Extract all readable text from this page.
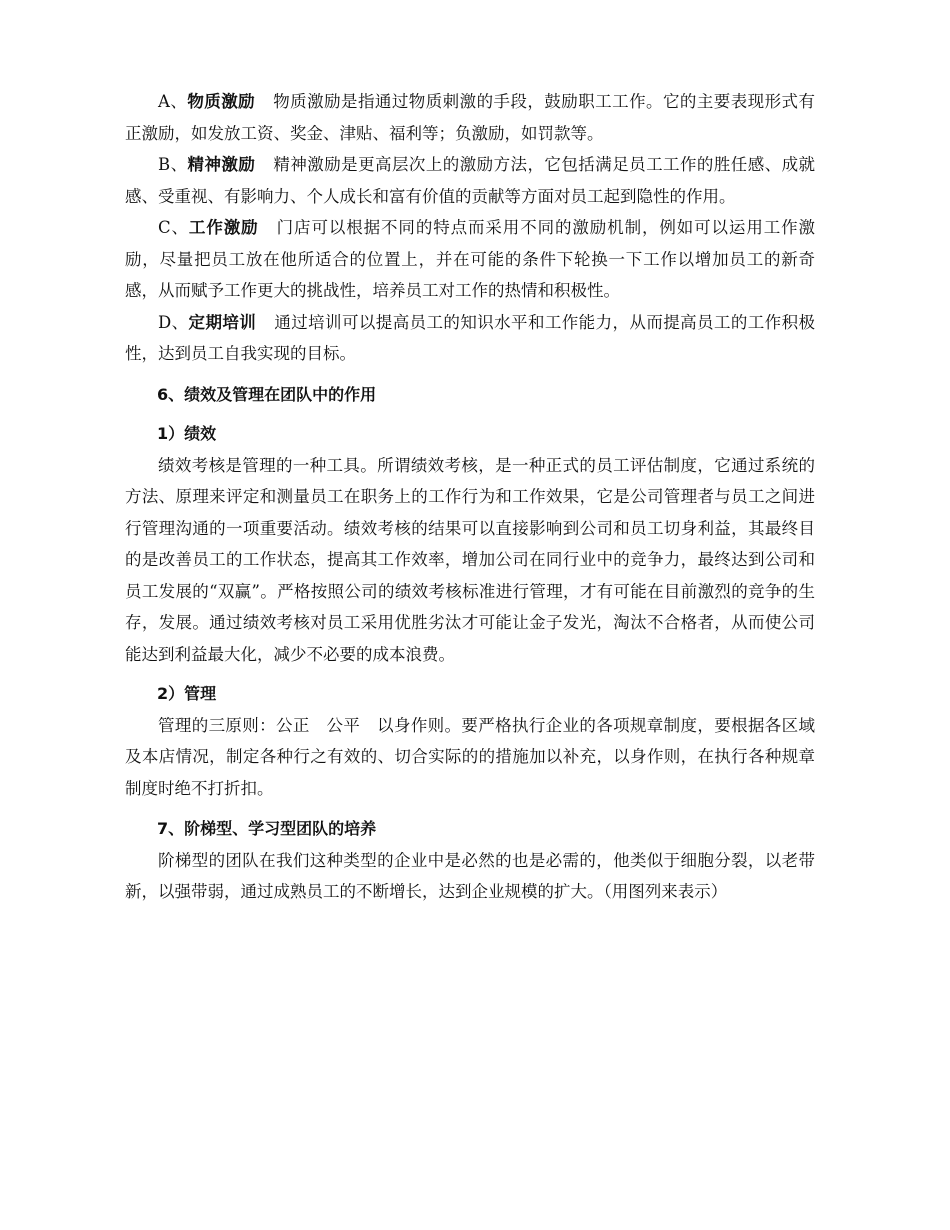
A、物质激励 物质激励是指通过物质刺激的手段，鼓励职工工作。它的主要表现形式有正激励，如发放工资、奖金、津贴、福利等；负激励，如罚款等。

B、精神激励 精神激励是更高层次上的激励方法，它包括满足员工工作的胜任感、成就感、受重视、有影响力、个人成长和富有价值的贡献等方面对员工起到隐性的作用。

C、工作激励 门店可以根据不同的特点而采用不同的激励机制，例如可以运用工作激励，尽量把员工放在他所适合的位置上，并在可能的条件下轮换一下工作以增加员工的新奇感，从而赋予工作更大的挑战性，培养员工对工作的热情和积极性。

D、定期培训 通过培训可以提高员工的知识水平和工作能力，从而提高员工的工作积极性，达到员工自我实现的目标。

6、绩效及管理在团队中的作用

1）绩效

绩效考核是管理的一种工具。所谓绩效考核，是一种正式的员工评估制度，它通过系统的方法、原理来评定和测量员工在职务上的工作行为和工作效果，它是公司管理者与员工之间进行管理沟通的一项重要活动。绩效考核的结果可以直接影响到公司和员工切身利益，其最终目的是改善员工的工作状态，提高其工作效率，增加公司在同行业中的竞争力，最终达到公司和员工发展的“双赢”。严格按照公司的绩效考核标准进行管理，才有可能在目前激烈的竞争的生存，发展。通过绩效考核对员工采用优胜劣汰才可能让金子发光，淘汰不合格者，从而使公司能达到利益最大化，减少不必要的成本浪费。

2）管理

管理的三原则：公正　公平　以身作则。要严格执行企业的各项规章制度，要根据各区域及本店情况，制定各种行之有效的、切合实际的的措施加以补充，以身作则，在执行各种规章制度时绝不打折扣。

7、阶梯型、学习型团队的培养

阶梯型的团队在我们这种类型的企业中是必然的也是必需的，他类似于细胞分裂，以老带新，以强带弱，通过成熟员工的不断增长，达到企业规模的扩大。（用图列来表示）
